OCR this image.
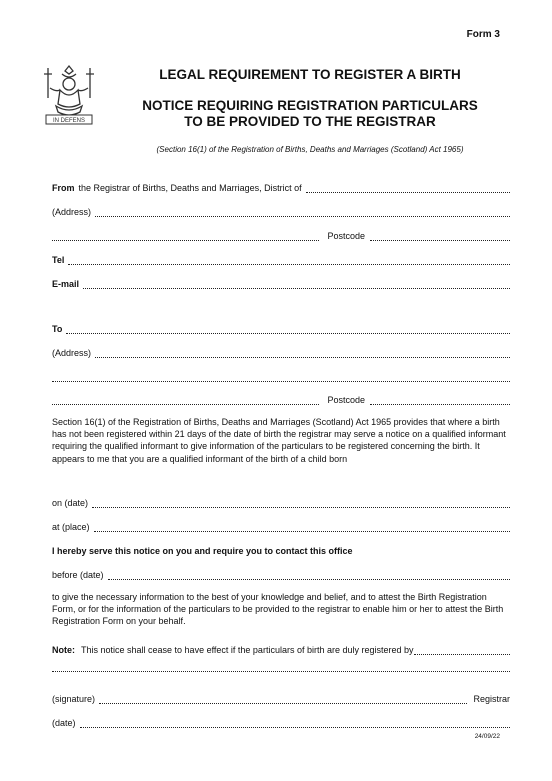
Form 3
IN DEFENS
LEGAL REQUIREMENT TO REGISTER A BIRTH
NOTICE REQUIRING REGISTRATION PARTICULARS
TO BE PROVIDED TO THE REGISTRAR
(Section 16(1) of the Registration of Births, Deaths and Marriages (Scotland) Act 1965)
From the Registrar of Births, Deaths and Marriages, District of
(Address)
Postcode
Tel
E-mail
To
(Address)
Postcode
Section 16(1) of the Registration of Births, Deaths and Marriages (Scotland) Act 1965 provides that where a birth has not been registered within 21 days of the date of birth the registrar may serve a notice on a qualified informant requiring the qualified informant to give information of the particulars to be registered concerning the birth. It appears to me that you are a qualified informant of the birth of a child born
on (date)
at (place)
I hereby serve this notice on you and require you to contact this office
before (date)
to give the necessary information to the best of your knowledge and belief, and to attest the Birth Registration Form, or for the information of the particulars to be provided to the registrar to enable him or her to attest the Birth Registration Form on your behalf.
Note: This notice shall cease to have effect if the particulars of birth are duly registered by
(signature)	Registrar
(date)
24/09/22
